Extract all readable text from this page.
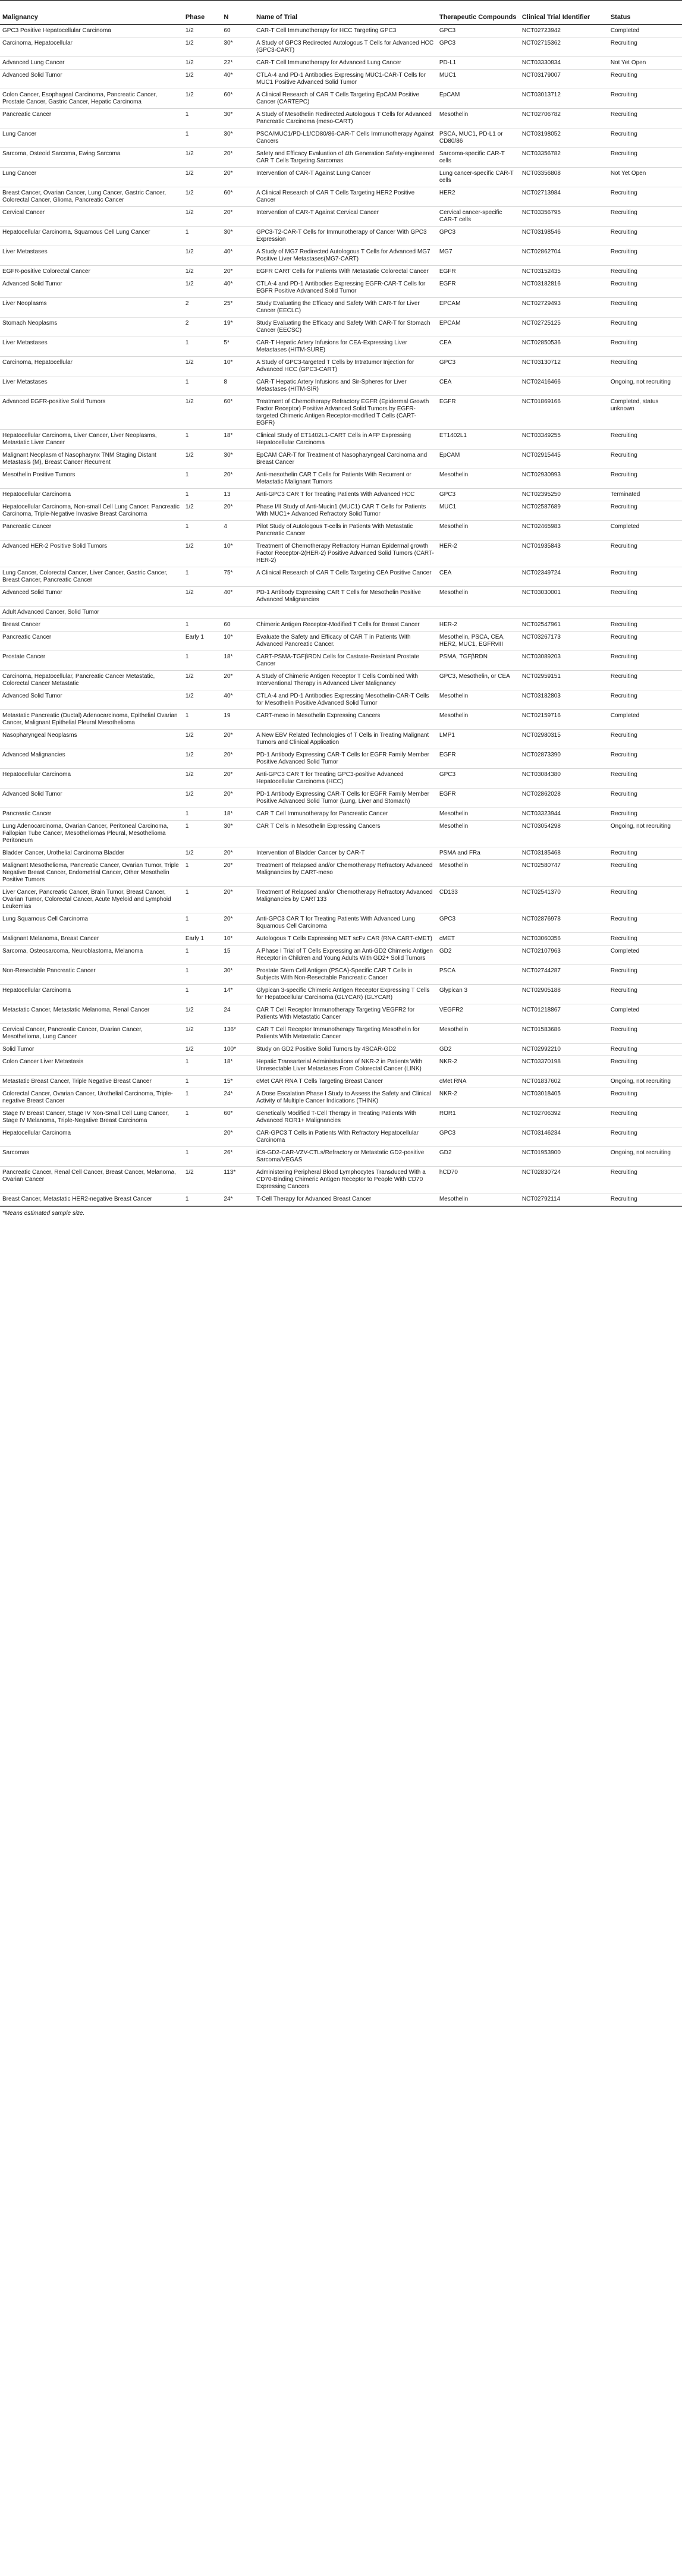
Malignancy	Phase	N	Name of Trial	Therapeutic Compounds	Clinical Trial Identifier	Status
GPC3 Positive Hepatocellular Carcinoma	1/2	60	CAR-T Cell Immunotherapy for HCC Targeting GPC3	GPC3	NCT02723942	Completed
Carcinoma, Hepatocellular	1/2	30*	A Study of GPC3 Redirected Autologous T Cells for Advanced HCC (GPC3-CART)	GPC3	NCT02715362	Recruiting
Advanced Lung Cancer	1/2	22*	CAR-T Cell Immunotherapy for Advanced Lung Cancer	PD-L1	NCT03330834	Not Yet Open
Advanced Solid Tumor	1/2	40*	CTLA-4 and PD-1 Antibodies Expressing MUC1-CAR-T Cells for MUC1 Positive Advanced Solid Tumor	MUC1	NCT03179007	Recruiting
Colon Cancer, Esophageal Carcinoma, Pancreatic Cancer, Prostate Cancer, Gastric Cancer, Hepatic Carcinoma	1/2	60*	A Clinical Research of CAR T Cells Targeting EpCAM Positive Cancer (CARTEPC)	EpCAM	NCT03013712	Recruiting
Pancreatic Cancer	1	30*	A Study of Mesothelin Redirected Autologous T Cells for Advanced Pancreatic Carcinoma (meso-CART)	Mesothelin	NCT02706782	Recruiting
Lung Cancer	1	30*	PSCA/MUC1/PD-L1/CD80/86-CAR-T Cells Immunotherapy Against Cancers	PSCA, MUC1, PD-L1 or CD80/86	NCT03198052	Recruiting
Sarcoma, Osteoid Sarcoma, Ewing Sarcoma	1/2	20*	Safety and Efficacy Evaluation of 4th Generation Safety-engineered CAR T Cells Targeting Sarcomas	Sarcoma-specific CAR-T cells	NCT03356782	Recruiting
Lung Cancer	1/2	20*	Intervention of CAR-T Against Lung Cancer	Lung cancer-specific CAR-T cells	NCT03356808	Not Yet Open
Breast Cancer, Ovarian Cancer, Lung Cancer, Gastric Cancer, Colorectal Cancer, Glioma, Pancreatic Cancer	1/2	60*	A Clinical Research of CAR T Cells Targeting HER2 Positive Cancer	HER2	NCT02713984	Recruiting
Cervical Cancer	1/2	20*	Intervention of CAR-T Against Cervical Cancer	Cervical cancer-specific CAR-T cells	NCT03356795	Recruiting
Hepatocellular Carcinoma, Squamous Cell Lung Cancer	1	30*	GPC3-T2-CAR-T Cells for Immunotherapy of Cancer With GPC3 Expression	GPC3	NCT03198546	Recruiting
Liver Metastases	1/2	40*	A Study of MG7 Redirected Autologous T Cells for Advanced MG7 Positive Liver Metastases(MG7-CART)	MG7	NCT02862704	Recruiting
EGFR-positive Colorectal Cancer	1/2	20*	EGFR CART Cells for Patients With Metastatic Colorectal Cancer	EGFR	NCT03152435	Recruiting
Advanced Solid Tumor	1/2	40*	CTLA-4 and PD-1 Antibodies Expressing EGFR-CAR-T Cells for EGFR Positive Advanced Solid Tumor	EGFR	NCT03182816	Recruiting
Liver Neoplasms	2	25*	Study Evaluating the Efficacy and Safety With CAR-T for Liver Cancer (EECLC)	EPCAM	NCT02729493	Recruiting
Stomach Neoplasms	2	19*	Study Evaluating the Efficacy and Safety With CAR-T for Stomach Cancer (EECSC)	EPCAM	NCT02725125	Recruiting
Liver Metastases	1	5*	CAR-T Hepatic Artery Infusions for CEA-Expressing Liver Metastases (HITM-SURE)	CEA	NCT02850536	Recruiting
Carcinoma, Hepatocellular	1/2	10*	A Study of GPC3-targeted T Cells by Intratumor Injection for Advanced HCC (GPC3-CART)	GPC3	NCT03130712	Recruiting
Liver Metastases	1	8	CAR-T Hepatic Artery Infusions and Sir-Spheres for Liver Metastases (HITM-SIR)	CEA	NCT02416466	Ongoing, not recruiting
Advanced EGFR-positive Solid Tumors	1/2	60*	Treatment of Chemotherapy Refractory EGFR (Epidermal Growth Factor Receptor) Positive Advanced Solid Tumors by EGFR-targeted Chimeric Antigen Receptor-modified T Cells (CART-EGFR)	EGFR	NCT01869166	Completed, status unknown
Hepatocellular Carcinoma, Liver Cancer, Liver Neoplasms, Metastatic Liver Cancer	1	18*	Clinical Study of ET1402L1-CART Cells in AFP Expressing Hepatocellular Carcinoma	ET1402L1	NCT03349255	Recruiting
Malignant Neoplasm of Nasopharynx TNM Staging Distant Metastasis (M), Breast Cancer Recurrent	1/2	30*	EpCAM CAR-T for Treatment of Nasopharyngeal Carcinoma and Breast Cancer	EpCAM	NCT02915445	Recruiting
Mesothelin Positive Tumors	1	20*	Anti-mesothelin CAR T Cells for Patients With Recurrent or Metastatic Malignant Tumors	Mesothelin	NCT02930993	Recruiting
Hepatocellular Carcinoma	1	13	Anti-GPC3 CAR T for Treating Patients With Advanced HCC	GPC3	NCT02395250	Terminated
Hepatocellular Carcinoma, Non-small Cell Lung Cancer, Pancreatic Carcinoma, Triple-Negative Invasive Breast Carcinoma	1/2	20*	Phase I/II Study of Anti-Mucin1 (MUC1) CAR T Cells for Patients With MUC1+ Advanced Refractory Solid Tumor	MUC1	NCT02587689	Recruiting
Pancreatic Cancer	1	4	Pilot Study of Autologous T-cells in Patients With Metastatic Pancreatic Cancer	Mesothelin	NCT02465983	Completed
Advanced HER-2 Positive Solid Tumors	1/2	10*	Treatment of Chemotherapy Refractory Human Epidermal growth Factor Receptor-2(HER-2) Positive Advanced Solid Tumors (CART-HER-2)	HER-2	NCT01935843	Recruiting
Lung Cancer, Colorectal Cancer, Liver Cancer, Gastric Cancer, Breast Cancer, Pancreatic Cancer	1	75*	A Clinical Research of CAR T Cells Targeting CEA Positive Cancer	CEA	NCT02349724	Recruiting
Advanced Solid Tumor	1/2	40*	PD-1 Antibody Expressing CAR T Cells for Mesothelin Positive Advanced Malignancies	Mesothelin	NCT03030001	Recruiting
Adult Advanced Cancer, Solid Tumor						
Breast Cancer	1	60	Chimeric Antigen Receptor-Modified T Cells for Breast Cancer	HER-2	NCT02547961	Recruiting
Pancreatic Cancer	Early 1	10*	Evaluate the Safety and Efficacy of CAR T in Patients With Advanced Pancreatic Cancer.	Mesothelin, PSCA, CEA, HER2, MUC1, EGFRvIII	NCT03267173	Recruiting
Prostate Cancer	1	18*	CART-PSMA-TGFβRDN Cells for Castrate-Resistant Prostate Cancer	PSMA, TGFβRDN	NCT03089203	Recruiting
Carcinoma, Hepatocellular, Pancreatic Cancer Metastatic, Colorectal Cancer Metastatic	1/2	20*	A Study of Chimeric Antigen Receptor T Cells Combined With Interventional Therapy in Advanced Liver Malignancy	GPC3, Mesothelin, or CEA	NCT02959151	Recruiting
Advanced Solid Tumor	1/2	40*	CTLA-4 and PD-1 Antibodies Expressing Mesothelin-CAR-T Cells for Mesothelin Positive Advanced Solid Tumor	Mesothelin	NCT03182803	Recruiting
Metastatic Pancreatic (Ductal) Adenocarcinoma, Epithelial Ovarian Cancer, Malignant Epithelial Pleural Mesothelioma	1	19	CART-meso in Mesothelin Expressing Cancers	Mesothelin	NCT02159716	Completed
Nasopharyngeal Neoplasms	1/2	20*	A New EBV Related Technologies of T Cells in Treating Malignant Tumors and Clinical Application	LMP1	NCT02980315	Recruiting
Advanced Malignancies	1/2	20*	PD-1 Antibody Expressing CAR-T Cells for EGFR Family Member Positive Advanced Solid Tumor	EGFR	NCT02873390	Recruiting
Hepatocellular Carcinoma	1/2	20*	Anti-GPC3 CAR T for Treating GPC3-positive Advanced Hepatocellular Carcinoma (HCC)	GPC3	NCT03084380	Recruiting
Advanced Solid Tumor	1/2	20*	PD-1 Antibody Expressing CAR-T Cells for EGFR Family Member Positive Advanced Solid Tumor (Lung, Liver and Stomach)	EGFR	NCT02862028	Recruiting
Pancreatic Cancer	1	18*	CAR T Cell Immunotherapy for Pancreatic Cancer	Mesothelin	NCT03323944	Recruiting
Lung Adenocarcinoma, Ovarian Cancer, Peritoneal Carcinoma, Fallopian Tube Cancer, Mesotheliomas Pleural, Mesothelioma Peritoneum	1	30*	CAR T Cells in Mesothelin Expressing Cancers	Mesothelin	NCT03054298	Ongoing, not recruiting
Bladder Cancer, Urothelial Carcinoma Bladder	1/2	20*	Intervention of Bladder Cancer by CAR-T	PSMA and FRa	NCT03185468	Recruiting
Malignant Mesothelioma, Pancreatic Cancer, Ovarian Tumor, Triple Negative Breast Cancer, Endometrial Cancer, Other Mesothelin Positive Tumors	1	20*	Treatment of Relapsed and/or Chemotherapy Refractory Advanced Malignancies by CART-meso	Mesothelin	NCT02580747	Recruiting
Liver Cancer, Pancreatic Cancer, Brain Tumor, Breast Cancer, Ovarian Tumor, Colorectal Cancer, Acute Myeloid and Lymphoid Leukemias	1	20*	Treatment of Relapsed and/or Chemotherapy Refractory Advanced Malignancies by CART133	CD133	NCT02541370	Recruiting
Lung Squamous Cell Carcinoma	1	20*	Anti-GPC3 CAR T for Treating Patients With Advanced Lung Squamous Cell Carcinoma	GPC3	NCT02876978	Recruiting
Malignant Melanoma, Breast Cancer	Early 1	10*	Autologous T Cells Expressing MET scFv CAR (RNA CART-cMET)	cMET	NCT03060356	Recruiting
Sarcoma, Osteosarcoma, Neuroblastoma, Melanoma	1	15	A Phase I Trial of T Cells Expressing an Anti-GD2 Chimeric Antigen Receptor in Children and Young Adults With GD2+ Solid Tumors	GD2	NCT02107963	Completed
Non-Resectable Pancreatic Cancer	1	30*	Prostate Stem Cell Antigen (PSCA)-Specific CAR T Cells in Subjects With Non-Resectable Pancreatic Cancer	PSCA	NCT02744287	Recruiting
Hepatocellular Carcinoma	1	14*	Glypican 3-specific Chimeric Antigen Receptor Expressing T Cells for Hepatocellular Carcinoma (GLYCAR) (GLYCAR)	Glypican 3	NCT02905188	Recruiting
Metastatic Cancer, Metastatic Melanoma, Renal Cancer	1/2	24	CAR T Cell Receptor Immunotherapy Targeting VEGFR2 for Patients With Metastatic Cancer	VEGFR2	NCT01218867	Completed
Cervical Cancer, Pancreatic Cancer, Ovarian Cancer, Mesothelioma, Lung Cancer	1/2	136*	CAR T Cell Receptor Immunotherapy Targeting Mesothelin for Patients With Metastatic Cancer	Mesothelin	NCT01583686	Recruiting
Solid Tumor	1/2	100*	Study on GD2 Positive Solid Tumors by 4SCAR-GD2	GD2	NCT02992210	Recruiting
Colon Cancer Liver Metastasis	1	18*	Hepatic Transarterial Administrations of NKR-2 in Patients With Unresectable Liver Metastases From Colorectal Cancer (LINK)	NKR-2	NCT03370198	Recruiting
Metastatic Breast Cancer, Triple Negative Breast Cancer	1	15*	cMet CAR RNA T Cells Targeting Breast Cancer	cMet RNA	NCT01837602	Ongoing, not recruiting
Colorectal Cancer, Ovarian Cancer, Urothelial Carcinoma, Triple-negative Breast Cancer	1	24*	A Dose Escalation Phase I Study to Assess the Safety and Clinical Activity of Multiple Cancer Indications (THINK)	NKR-2	NCT03018405	Recruiting
Stage IV Breast Cancer, Stage IV Non-Small Cell Lung Cancer, Stage IV Melanoma, Triple-Negative Breast Carcinoma	1	60*	Genetically Modified T-Cell Therapy in Treating Patients With Advanced ROR1+ Malignancies	ROR1	NCT02706392	Recruiting
Hepatocellular Carcinoma		20*	CAR-GPC3 T Cells in Patients With Refractory Hepatocellular Carcinoma	GPC3	NCT03146234	Recruiting
Sarcomas	1	26*	iC9-GD2-CAR-VZV-CTLs/Refractory or Metastatic GD2-positive Sarcoma/VEGAS	GD2	NCT01953900	Ongoing, not recruiting
Pancreatic Cancer, Renal Cell Cancer, Breast Cancer, Melanoma, Ovarian Cancer	1/2	113*	Administering Peripheral Blood Lymphocytes Transduced With a CD70-Binding Chimeric Antigen Receptor to People With CD70 Expressing Cancers	hCD70	NCT02830724	Recruiting
Breast Cancer, Metastatic HER2-negative Breast Cancer	1	24*	T-Cell Therapy for Advanced Breast Cancer	Mesothelin	NCT02792114	Recruiting
*Means estimated sample size.
